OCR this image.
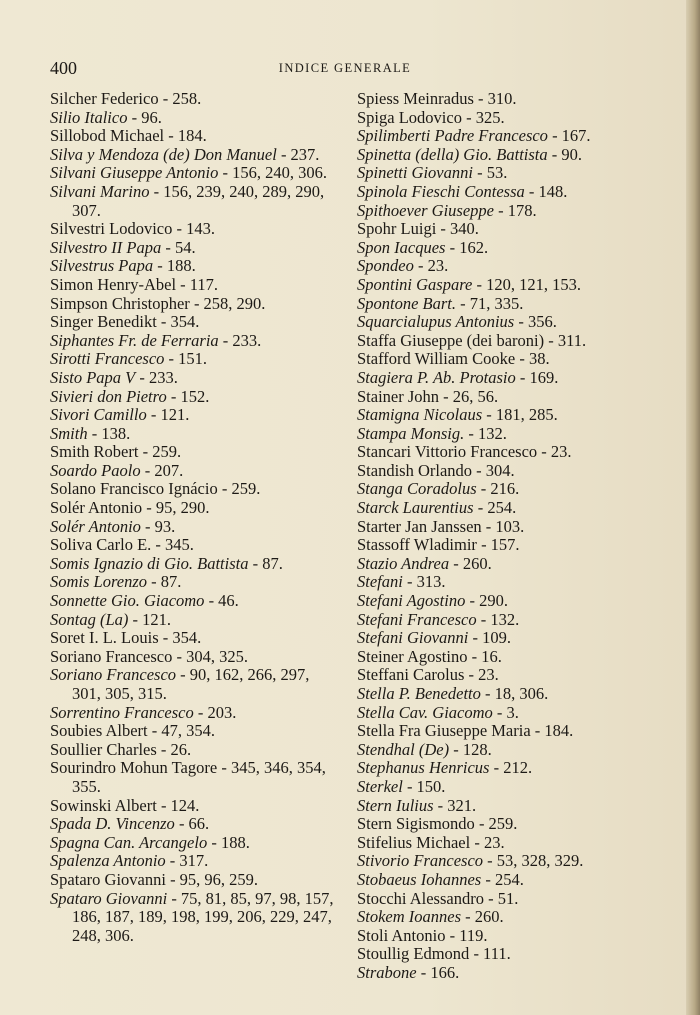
400	INDICE GENERALE

Silcher Federico - 258.

Silio Italico - 96.

Sillobod Michael - 184.

Silva y Mendoza (de) Don Manuel - 237.

Silvani Giuseppe Antonio - 156, 240, 306.

Silvani Marino - 156, 239, 240, 289, 290, 307.

Silvestri Lodovico - 143.

Silvestro II Papa - 54.

Silvestrus Papa - 188.

Simon Henry-Abel - 117.

Simpson Christopher - 258, 290.

Singer Benedikt - 354.

Siphantes Fr. de Ferraria - 233.

Sirotti Francesco - 151.

Sisto Papa V - 233.

Sivieri don Pietro - 152.

Sivori Camillo - 121.

Smith - 138.

Smith Robert - 259.

Soardo Paolo - 207.

Solano Francisco Ignácio - 259.

Solér Antonio - 95, 290.

Solér Antonio - 93.

Soliva Carlo E. - 345.

Somis Ignazio di Gio. Battista - 87.

Somis Lorenzo - 87.

Sonnette Gio. Giacomo - 46.

Sontag (La) - 121.

Soret I. L. Louis - 354.

Soriano Francesco - 304, 325.

Soriano Francesco - 90, 162, 266, 297, 301, 305, 315.

Sorrentino Francesco - 203.

Soubies Albert - 47, 354.

Soullier Charles - 26.

Sourindro Mohun Tagore - 345, 346, 354, 355.

Sowinski Albert - 124.

Spada D. Vincenzo - 66.

Spagna Can. Arcangelo - 188.

Spalenza Antonio - 317.

Spataro Giovanni - 95, 96, 259.

Spataro Giovanni - 75, 81, 85, 97, 98, 157, 186, 187, 189, 198, 199, 206, 229, 247, 248, 306.

Spiess Meinradus - 310.

Spiga Lodovico - 325.

Spilimberti Padre Francesco - 167.

Spinetta (della) Gio. Battista - 90.

Spinetti Giovanni - 53.

Spinola Fieschi Contessa - 148.

Spithoever Giuseppe - 178.

Spohr Luigi - 340.

Spon Iacques - 162.

Spondeo - 23.

Spontini Gaspare - 120, 121, 153.

Spontone Bart. - 71, 335.

Squarcialupus Antonius - 356.

Staffa Giuseppe (dei baroni) - 311.

Stafford William Cooke - 38.

Stagiera P. Ab. Protasio - 169.

Stainer John - 26, 56.

Stamigna Nicolaus - 181, 285.

Stampa Monsig. - 132.

Stancari Vittorio Francesco - 23.

Standish Orlando - 304.

Stanga Coradolus - 216.

Starck Laurentius - 254.

Starter Jan Janssen - 103.

Stassoff Wladimir - 157.

Stazio Andrea - 260.

Stefani - 313.

Stefani Agostino - 290.

Stefani Francesco - 132.

Stefani Giovanni - 109.

Steiner Agostino - 16.

Steffani Carolus - 23.

Stella P. Benedetto - 18, 306.

Stella Cav. Giacomo - 3.

Stella Fra Giuseppe Maria - 184.

Stendhal (De) - 128.

Stephanus Henricus - 212.

Sterkel - 150.

Stern Iulius - 321.

Stern Sigismondo - 259.

Stifelius Michael - 23.

Stivorio Francesco - 53, 328, 329.

Stobaeus Iohannes - 254.

Stocchi Alessandro - 51.

Stokem Ioannes - 260.

Stoli Antonio - 119.

Stoullig Edmond - 111.

Strabone - 166.
